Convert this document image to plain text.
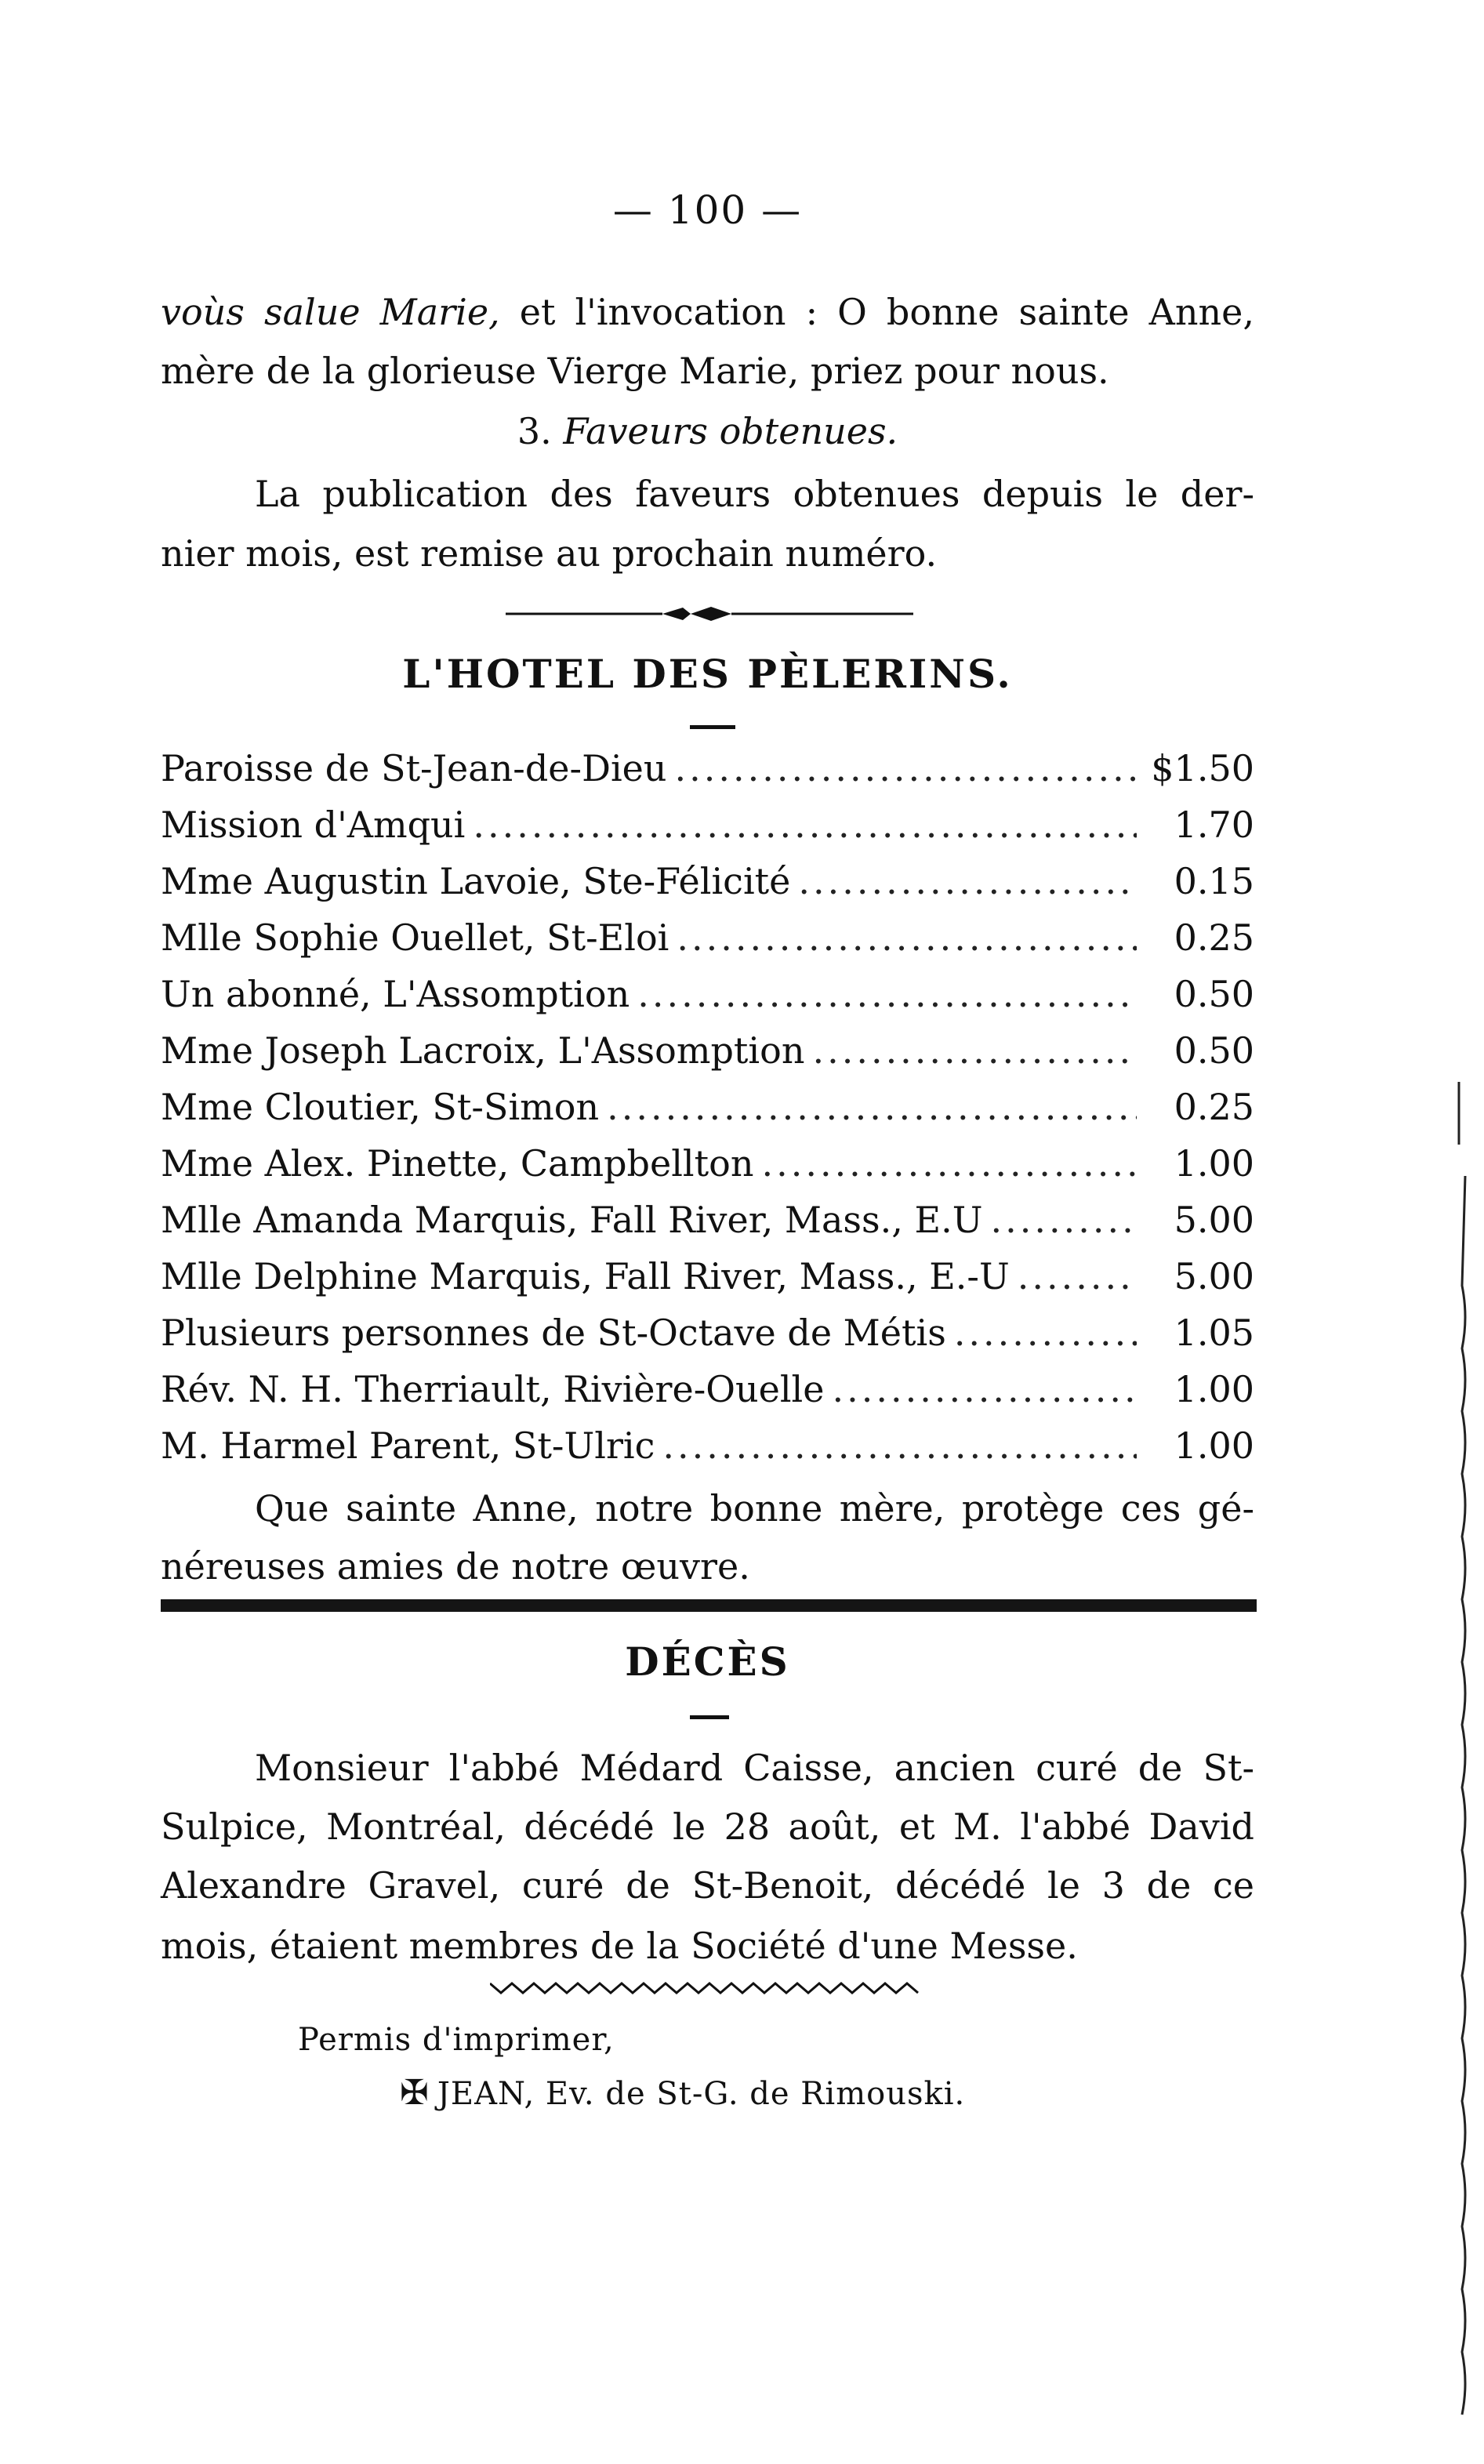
— 100 —
voùs salue Marie, et l'invocation : O bonne sainte Anne,
mère de la glorieuse Vierge Marie, priez pour nous.
3. Faveurs obtenues.
La publication des faveurs obtenues depuis le der-
nier mois, est remise au prochain numéro.
L'HOTEL DES PÈLERINS.
Paroisse de St-Jean-de-Dieu .....	$1.50
Mission d'Amqui .....	1.70
Mme Augustin Lavoie, Ste-Félicité .....	0.15
Mlle Sophie Ouellet, St-Eloi .....	0.25
Un abonné, L'Assomption .....	0.50
Mme Joseph Lacroix, L'Assomption .....	0.50
Mme Cloutier, St-Simon .....	0.25
Mme Alex. Pinette, Campbellton .....	1.00
Mlle Amanda Marquis, Fall River, Mass., E.U .....	5.00
Mlle Delphine Marquis, Fall River, Mass., E.-U .....	5.00
Plusieurs personnes de St-Octave de Métis .....	1.05
Rév. N. H. Therriault, Rivière-Ouelle .....	1.00
M. Harmel Parent, St-Ulric .....	1.00
Que sainte Anne, notre bonne mère, protège ces gé-
néreuses amies de notre œuvre.
DÉCÈS
Monsieur l'abbé Médard Caisse, ancien curé de St-
Sulpice, Montréal, décédé le 28 août, et M. l'abbé David
Alexandre Gravel, curé de St-Benoit, décédé le 3 de ce
mois, étaient membres de la Société d'une Messe.
Permis d'imprimer,
✠ JEAN, Ev. de St-G. de Rimouski.
